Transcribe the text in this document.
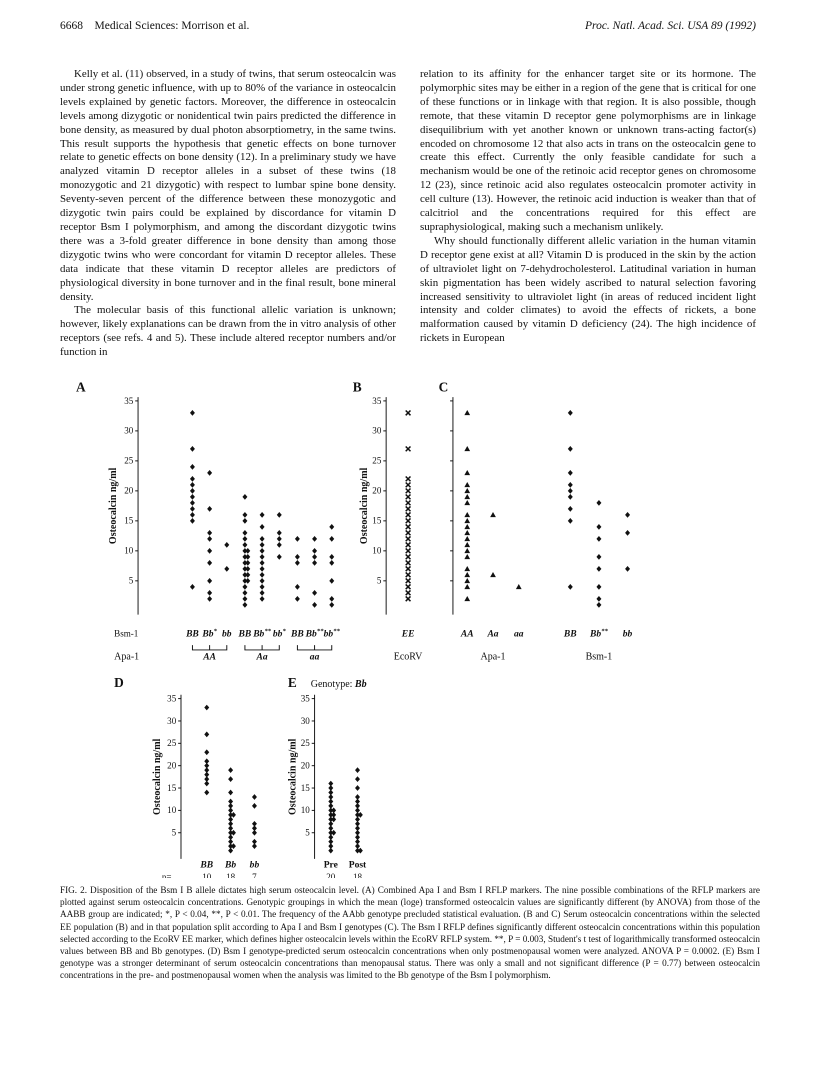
6668 Medical Sciences: Morrison et al.	Proc. Natl. Acad. Sci. USA 89 (1992)

Kelly et al. (11) observed, in a study of twins, that serum osteocalcin was under strong genetic influence, with up to 80% of the variance in osteocalcin levels explained by genetic factors. Moreover, the difference in osteocalcin levels among dizygotic or nonidentical twin pairs predicted the difference in bone density, as measured by dual photon absorptiometry, in the same twins. This result supports the hypothesis that genetic effects on bone turnover relate to genetic effects on bone density (12). In a preliminary study we have analyzed vitamin D receptor alleles in a subset of these twins (18 monozygotic and 21 dizygotic) with respect to lumbar spine bone density. Seventy-seven percent of the difference between these monozygotic and dizygotic twin pairs could be explained by discordance for vitamin D receptor Bsm I polymorphism, and among the discordant dizygotic twins there was a 3-fold greater difference in bone density than among those dizygotic twins who were concordant for vitamin D receptor alleles. These data indicate that these vitamin D receptor alleles are predictors of physiological diversity in bone turnover and in the final result, bone mineral density.

The molecular basis of this functional allelic variation is unknown; however, likely explanations can be drawn from the in vitro analysis of other receptors (see refs. 4 and 5). These include altered receptor numbers and/or function in

relation to its affinity for the enhancer target site or its hormone. The polymorphic sites may be either in a region of the gene that is critical for one of these functions or in linkage with that region. It is also possible, though remote, that these vitamin D receptor gene polymorphisms are in linkage disequilibrium with yet another known or unknown trans-acting factor(s) encoded on chromosome 12 that also acts in trans on the osteocalcin gene to create this effect. Currently the only feasible candidate for such a mechanism would be one of the retinoic acid receptor genes on chromosome 12 (23), since retinoic acid also regulates osteocalcin promoter activity in cell culture (13). However, the retinoic acid induction is weaker than that of calcitriol and the concentrations required for this effect are supraphysiological, making such a mechanism unlikely.

Why should functionally different allelic variation in the human vitamin D receptor gene exist at all? Vitamin D is produced in the skin by the action of ultraviolet light on 7-dehydrocholesterol. Latitudinal variation in human skin pigmentation has been widely ascribed to natural selection favoring increased sensitivity to ultraviolet light (in areas of reduced incident light intensity and colder climates) to avoid the effects of rickets, a bone malformation caused by vitamin D deficiency (24). The high incidence of rickets in European

A
5
10
15
20
25
30
35
Osteocalcin ng/ml
Bsm-1	BB Bb* bb BB Bb** bb* BB Bb** bb**
Apa-1	AA	Aa	aa
B
5
10
15
20
25
30
35
Osteocalcin ng/ml
EE
EcoRV
C
AA Aa aa	BB Bb** bb
Apa-1	Bsm-1
D
5
10
15
20
25
30
35
Osteocalcin ng/ml
BB Bb bb
n=	10 18 7
E Genotype: Bb
5
10
15
20
25
30
35
Osteocalcin ng/ml
Pre Post
20 18

FIG. 2. Disposition of the Bsm I B allele dictates high serum osteocalcin level. (A) Combined Apa I and Bsm I RFLP markers. The nine possible combinations of the RFLP markers are plotted against serum osteocalcin concentrations. Genotypic groupings in which the mean (loge) transformed osteocalcin values are significantly different (by ANOVA) from those of the AABB group are indicated; *, P < 0.04, **, P < 0.01. The frequency of the AAbb genotype precluded statistical evaluation. (B and C) Serum osteocalcin concentrations within the selected EE population (B) and in that population split according to Apa I and Bsm I genotypes (C). The Bsm I RFLP defines significantly different osteocalcin concentrations within this population selected according to the EcoRV EE marker, which defines higher osteocalcin levels within the EcoRV RFLP system. **, P = 0.003, Student's t test of logarithmically transformed osteocalcin values between BB and Bb genotypes. (D) Bsm I genotype-predicted serum osteocalcin concentrations when only postmenopausal women were analyzed. ANOVA P = 0.0002. (E) Bsm I genotype was a stronger determinant of serum osteocalcin concentrations than menopausal status. There was only a small and not significant difference (P = 0.77) between osteocalcin concentrations in the pre- and postmenopausal women when the analysis was limited to the Bb genotype of the Bsm I polymorphism.
